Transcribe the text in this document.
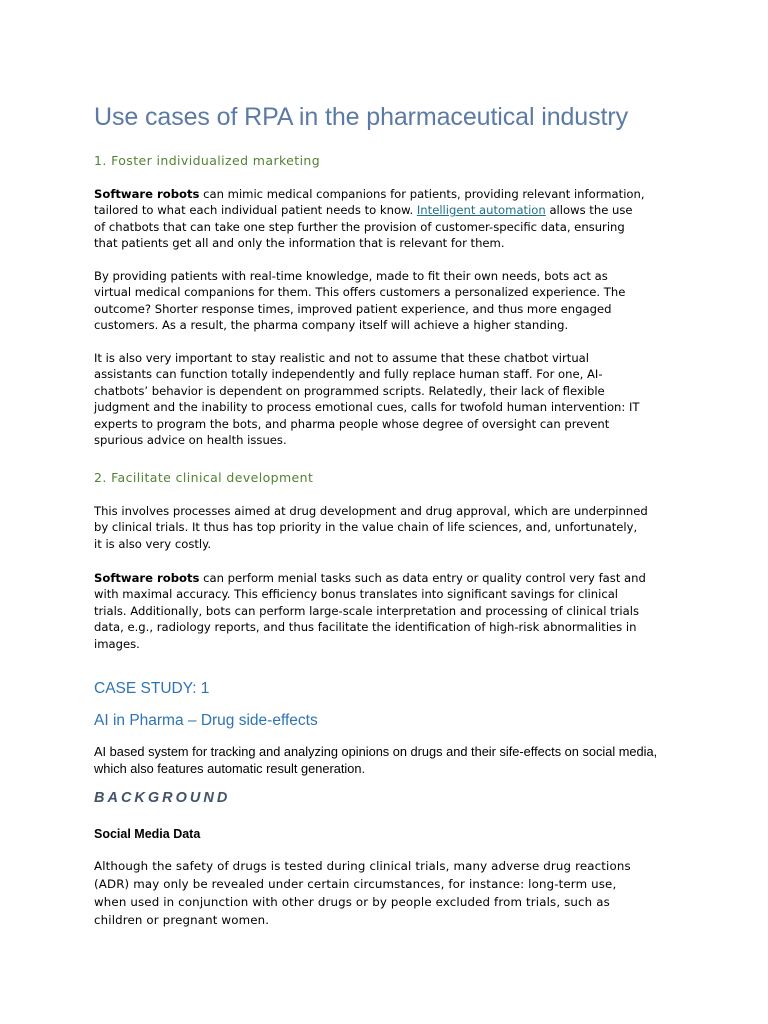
Use cases of RPA in the pharmaceutical industry
1. Foster individualized marketing
Software robots can mimic medical companions for patients, providing relevant information,
tailored to what each individual patient needs to know. Intelligent automation allows the use
of chatbots that can take one step further the provision of customer-specific data, ensuring
that patients get all and only the information that is relevant for them.
By providing patients with real-time knowledge, made to fit their own needs, bots act as
virtual medical companions for them. This offers customers a personalized experience. The
outcome? Shorter response times, improved patient experience, and thus more engaged
customers. As a result, the pharma company itself will achieve a higher standing.
It is also very important to stay realistic and not to assume that these chatbot virtual
assistants can function totally independently and fully replace human staff. For one, AI-
chatbots’ behavior is dependent on programmed scripts. Relatedly, their lack of flexible
judgment and the inability to process emotional cues, calls for twofold human intervention: IT
experts to program the bots, and pharma people whose degree of oversight can prevent
spurious advice on health issues.
2. Facilitate clinical development
This involves processes aimed at drug development and drug approval, which are underpinned
by clinical trials. It thus has top priority in the value chain of life sciences, and, unfortunately,
it is also very costly.
Software robots can perform menial tasks such as data entry or quality control very fast and
with maximal accuracy. This efficiency bonus translates into significant savings for clinical
trials. Additionally, bots can perform large-scale interpretation and processing of clinical trials
data, e.g., radiology reports, and thus facilitate the identification of high-risk abnormalities in
images.
CASE STUDY: 1
AI in Pharma – Drug side-effects
AI based system for tracking and analyzing opinions on drugs and their sife-effects on social media,
which also features automatic result generation.
BACKGROUND
Social Media Data
Although the safety of drugs is tested during clinical trials, many adverse drug reactions
(ADR) may only be revealed under certain circumstances, for instance: long-term use,
when used in conjunction with other drugs or by people excluded from trials, such as
children or pregnant women.
